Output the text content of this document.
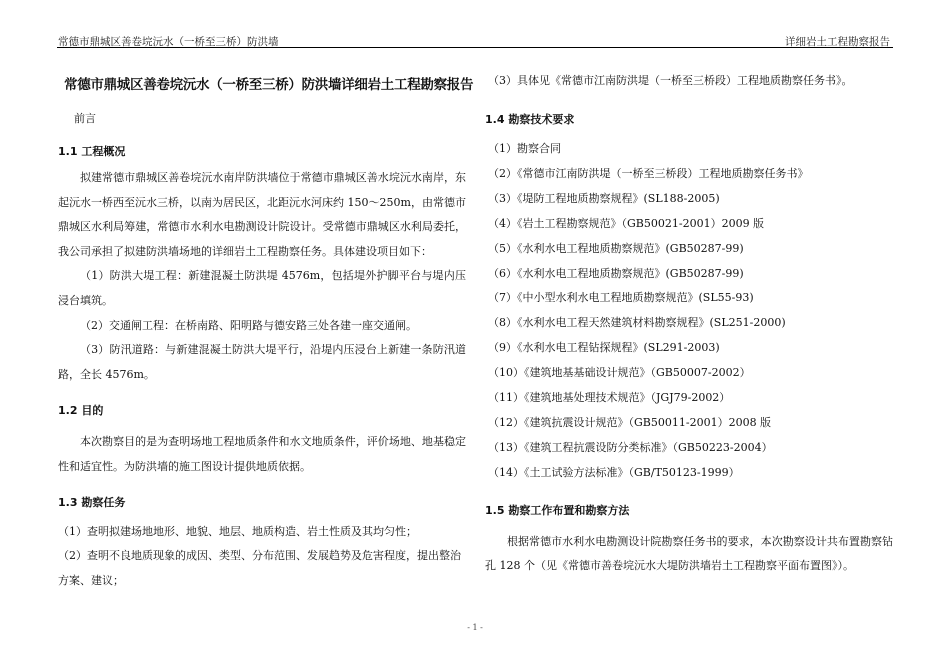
常德市鼎城区善卷垸沅水（一桥至三桥）防洪墙	详细岩土工程勘察报告
常德市鼎城区善卷垸沅水（一桥至三桥）防洪墙详细岩土工程勘察报告
前言
1.1 工程概况
拟建常德市鼎城区善卷垸沅水南岸防洪墙位于常德市鼎城区善水垸沅水南岸，东起沅水一桥西至沅水三桥，以南为居民区，北距沅水河床约 150～250m，由常德市鼎城区水利局筹建，常德市水利水电勘测设计院设计。受常德市鼎城区水利局委托，我公司承担了拟建防洪墙场地的详细岩土工程勘察任务。具体建设项目如下：
（1）防洪大堤工程：新建混凝土防洪堤 4576m，包括堤外护脚平台与堤内压浸台填筑。
（2）交通闸工程：在桥南路、阳明路与德安路三处各建一座交通闸。
（3）防汛道路：与新建混凝土防洪大堤平行，沿堤内压浸台上新建一条防汛道路，全长 4576m。
1.2 目的
本次勘察目的是为查明场地工程地质条件和水文地质条件，评价场地、地基稳定性和适宜性。为防洪墙的施工图设计提供地质依据。
1.3 勘察任务
（1）查明拟建场地地形、地貌、地层、地质构造、岩土性质及其均匀性；
（2）查明不良地质现象的成因、类型、分布范围、发展趋势及危害程度，提出整治方案、建议；
（3）具体见《常德市江南防洪堤（一桥至三桥段）工程地质勘察任务书》。
1.4 勘察技术要求
（1）勘察合同
（2）《常德市江南防洪堤（一桥至三桥段）工程地质勘察任务书》
（3）《堤防工程地质勘察规程》(SL188-2005)
（4）《岩土工程勘察规范》（GB50021-2001）2009 版
（5）《水利水电工程地质勘察规范》(GB50287-99)
（6）《水利水电工程地质勘察规范》(GB50287-99)
（7）《中小型水利水电工程地质勘察规范》(SL55-93)
（8）《水利水电工程天然建筑材料勘察规程》(SL251-2000)
（9）《水利水电工程钻探规程》(SL291-2003)
（10）《建筑地基基础设计规范》（GB50007-2002）
（11）《建筑地基处理技术规范》（JGJ79-2002）
（12）《建筑抗震设计规范》（GB50011-2001）2008 版
（13）《建筑工程抗震设防分类标准》（GB50223-2004）
（14）《土工试验方法标准》（GB/T50123-1999）
1.5 勘察工作布置和勘察方法
根据常德市水利水电勘测设计院勘察任务书的要求，本次勘察设计共布置勘察钻孔 128 个（见《常德市善卷垸沅水大堤防洪墙岩土工程勘察平面布置图》）。
- 1 -
